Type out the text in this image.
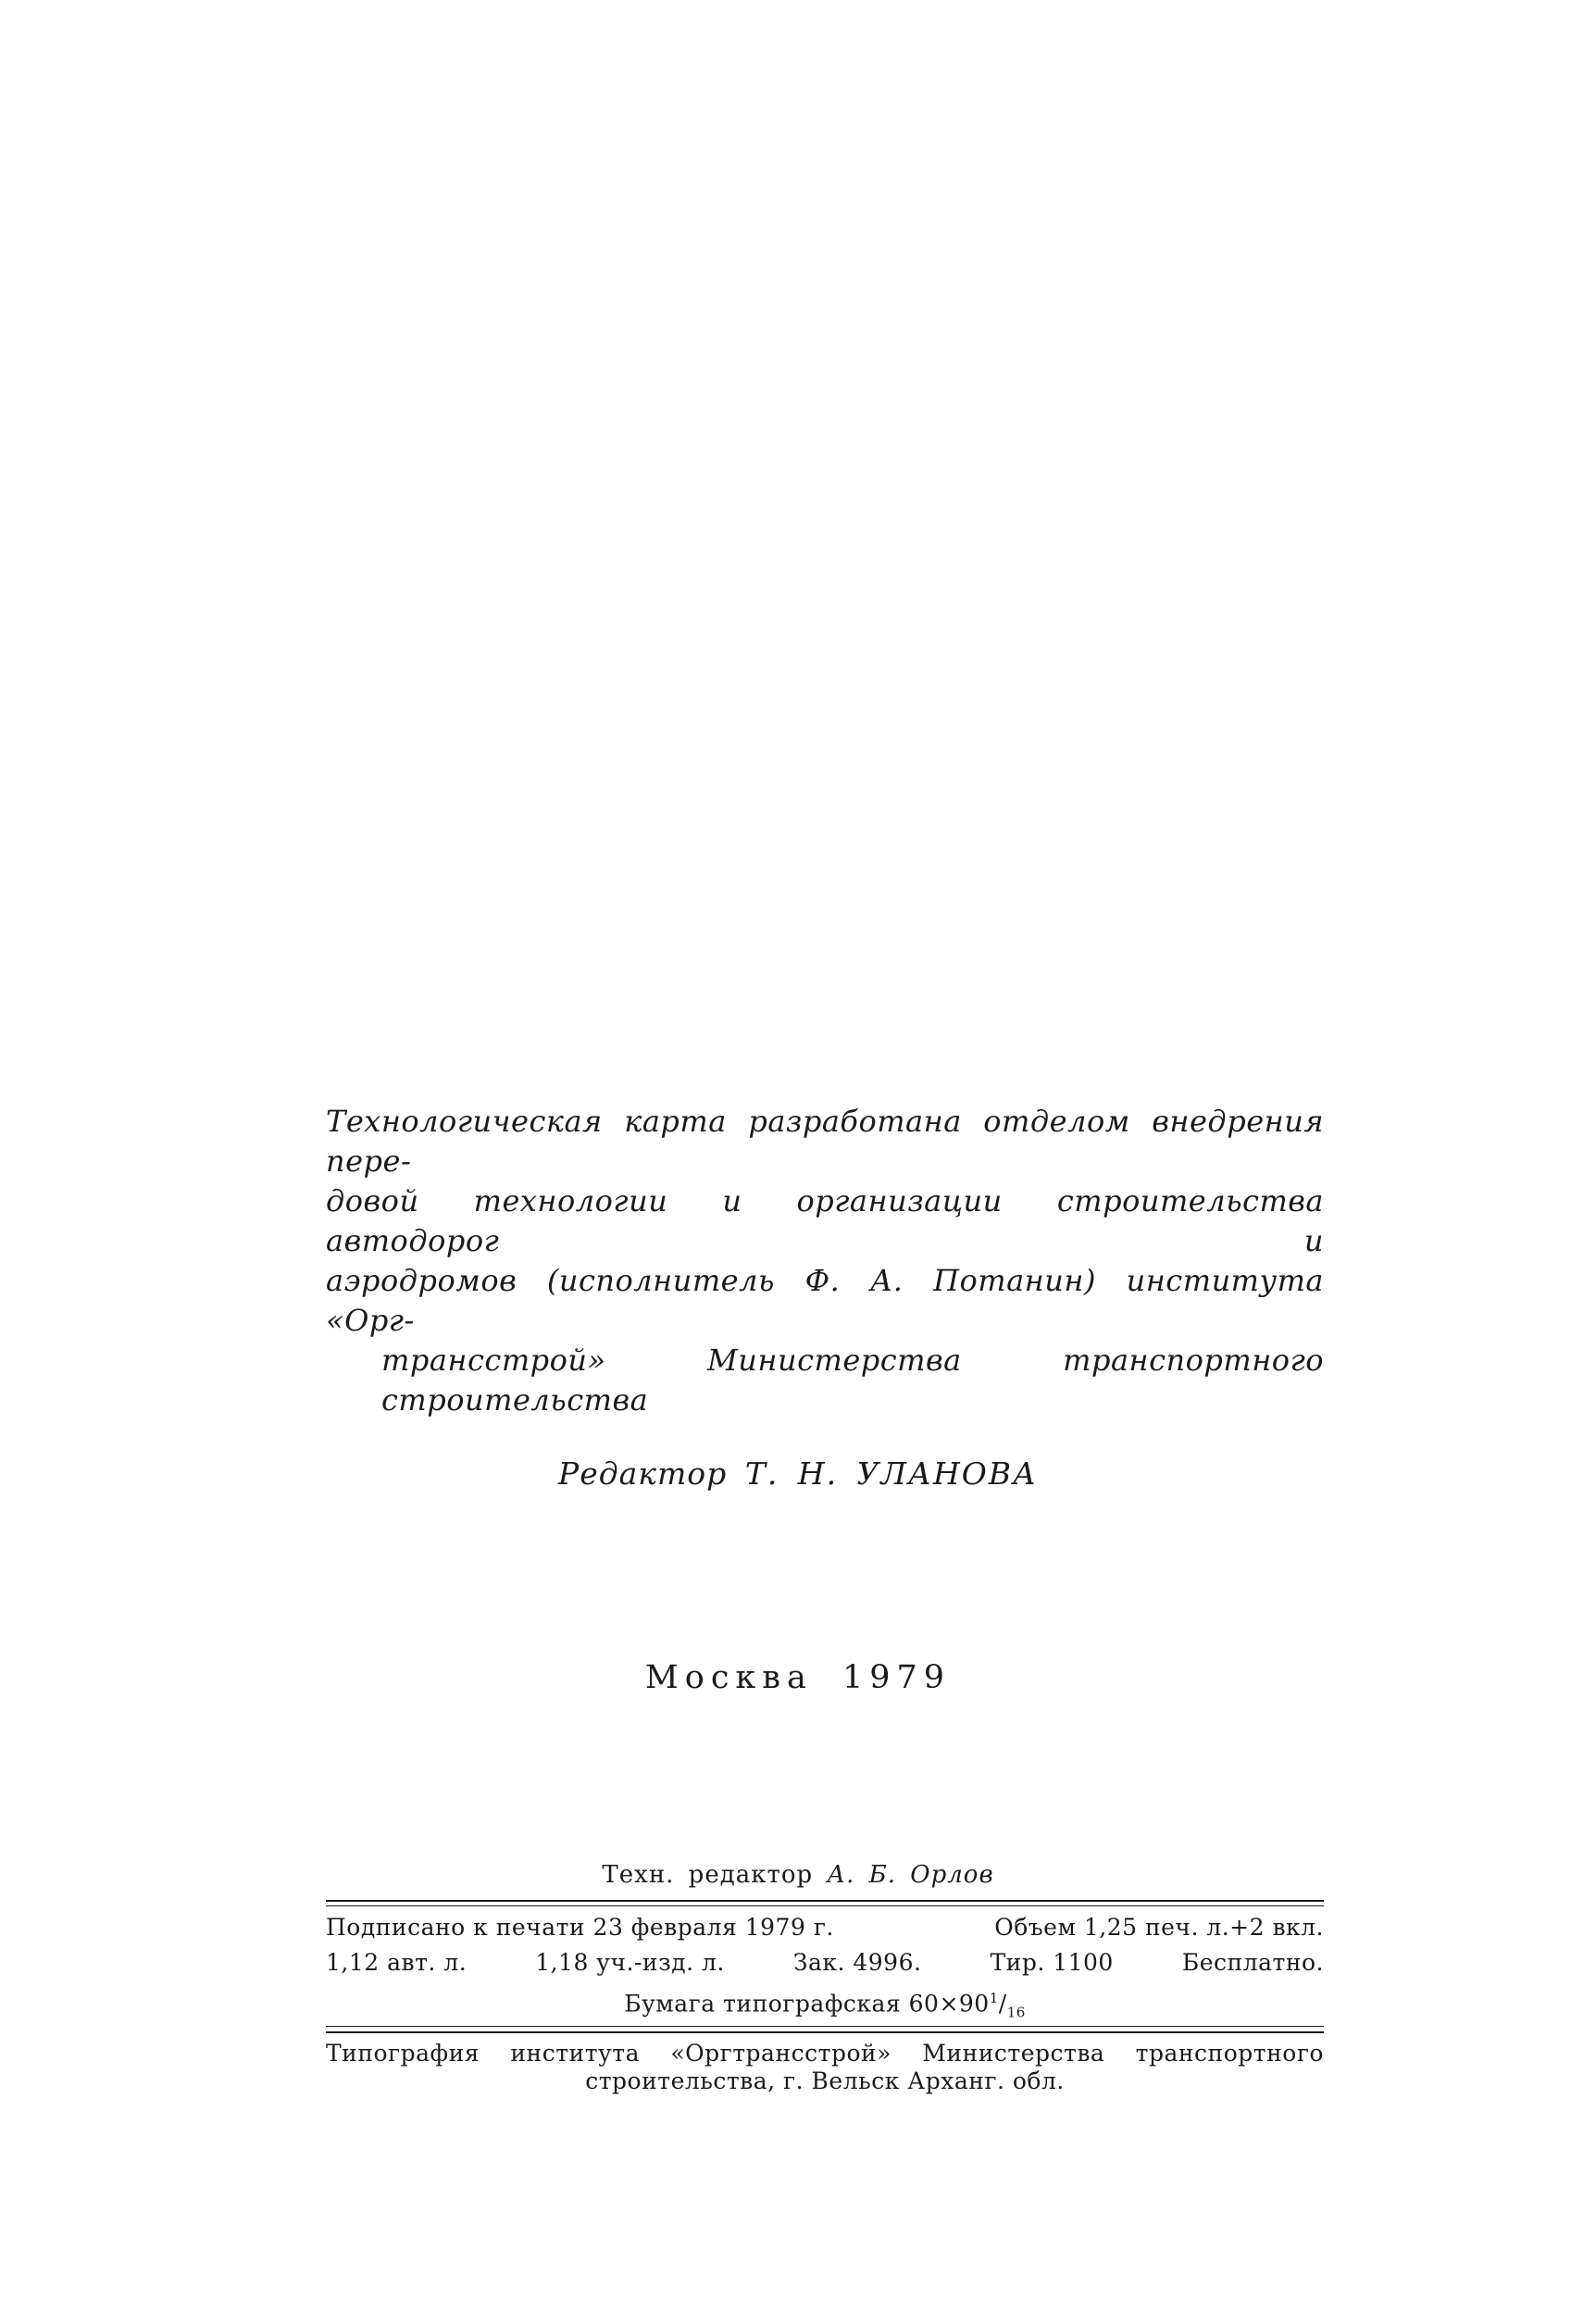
Технологическая карта разработана отделом внедрения пере-
довой технологии и организации строительства автодорог и
аэродромов (исполнитель Ф. А. Потанин) института «Орг-
трансстрой» Министерства транспортного строительства
Редактор Т. Н. УЛАНОВА
Москва 1979
Техн. редактор А. Б. Орлов
Подписано к печати 23 февраля 1979 г.	Объем 1,25 печ. л.+2 вкл.
1,12 авт. л.	1,18 уч.-изд. л.	Зак. 4996.	Тир. 1100	Бесплатно.
Бумага типографская $60\times 90^1/_{16}$
Типография института «Оргтрансстрой» Министерства транспортного
строительства, г. Вельск Арханг. обл.
